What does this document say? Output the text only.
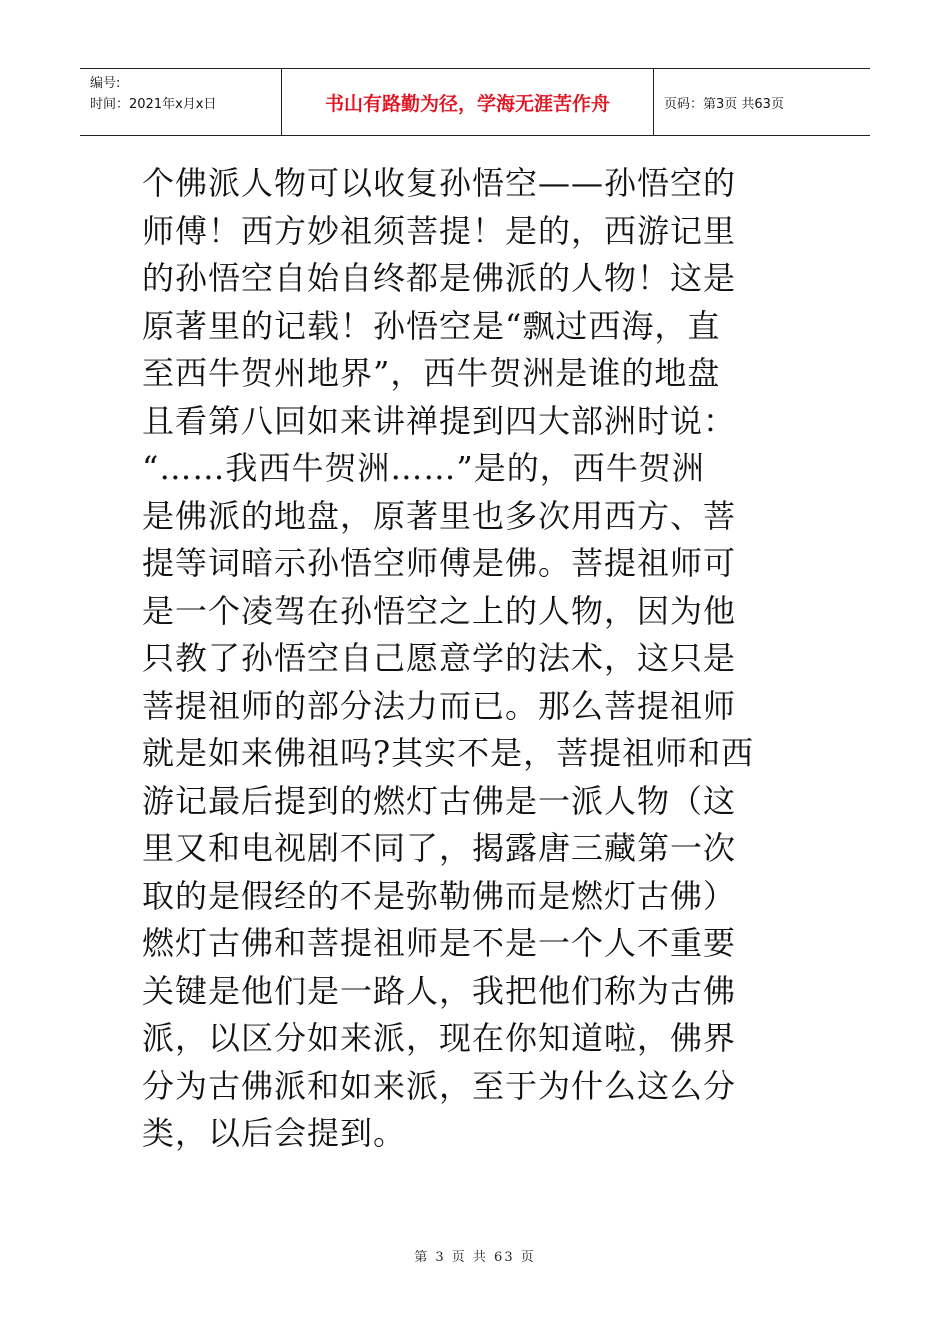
编号:
时间：2021年x月x日	书山有路勤为径，学海无涯苦作舟	页码：第3页 共63页
个佛派人物可以收复孙悟空——孙悟空的
师傅！西方妙祖须菩提！是的，西游记里
的孙悟空自始自终都是佛派的人物！这是
原著里的记载！孙悟空是“飘过西海，直
至西牛贺州地界”，西牛贺洲是谁的地盘
且看第八回如来讲禅提到四大部洲时说：
“……我西牛贺洲……”是的，西牛贺洲
是佛派的地盘，原著里也多次用西方、菩
提等词暗示孙悟空师傅是佛。菩提祖师可
是一个凌驾在孙悟空之上的人物，因为他
只教了孙悟空自己愿意学的法术，这只是
菩提祖师的部分法力而已。那么菩提祖师
就是如来佛祖吗?其实不是，菩提祖师和西
游记最后提到的燃灯古佛是一派人物（这
里又和电视剧不同了，揭露唐三藏第一次
取的是假经的不是弥勒佛而是燃灯古佛）
燃灯古佛和菩提祖师是不是一个人不重要
关键是他们是一路人，我把他们称为古佛
派，以区分如来派，现在你知道啦，佛界
分为古佛派和如来派，至于为什么这么分
类，以后会提到。
第 3 页 共 63 页
